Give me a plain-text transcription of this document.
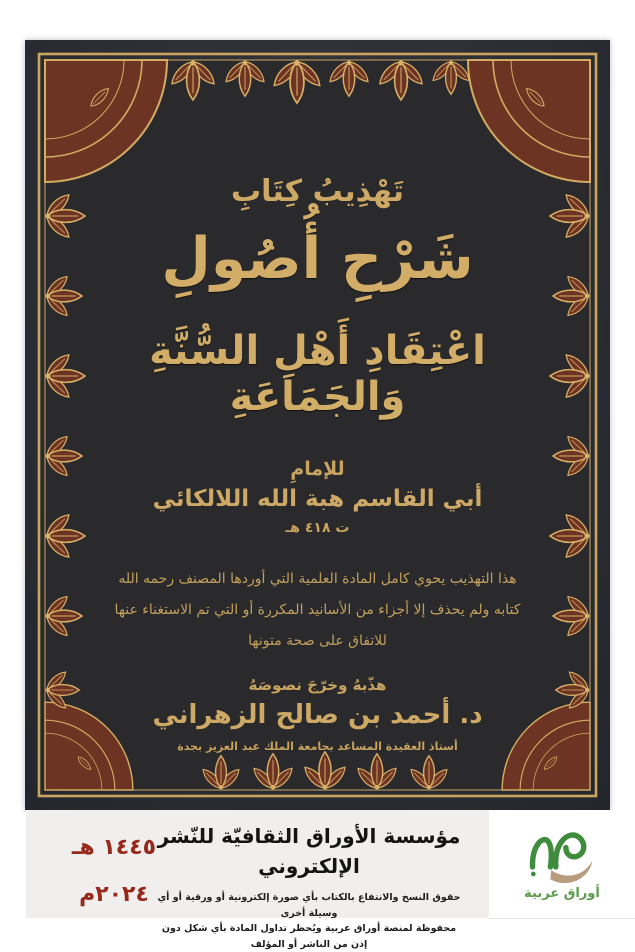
تَهْذِيبُ كِتَابِ
شَرْحِ أُصُولِ
اعْتِقَادِ أَهْلِ السُّنَّةِ وَالجَمَاعَةِ
للإمامِ
أبي القاسم هبة الله اللالكائي
ت ٤١٨ هـ
هذا التهذيب يحوي كامل المادة العلمية التي أوردها المصنف رحمه الله
كتابه ولم يحذف إلا أجزاء من الأسانيد المكررة أو التي تم الاستغناء عنها
للاتفاق على صحة متونها
هذّبهُ وخرّجَ نصوصَهُ
د. أحمد بن صالح الزهراني
أستاذ العقيدة المساعد بجامعة الملك عبد العزيز بجدة
١٤٤٥ هـ
٢٠٢٤م
مؤسسة الأوراق الثقافيّة للنّشر الإلكتروني
حقوق النسخ والانتفاع بالكتاب بأي صورة إلكترونية أو ورقية أو أي وسيلة أخرى
محفوظة لمنصة أوراق عربية ويُحظر تداول المادة بأي شكل دون إذن من الناشر أو المؤلف
أوراق عربية
